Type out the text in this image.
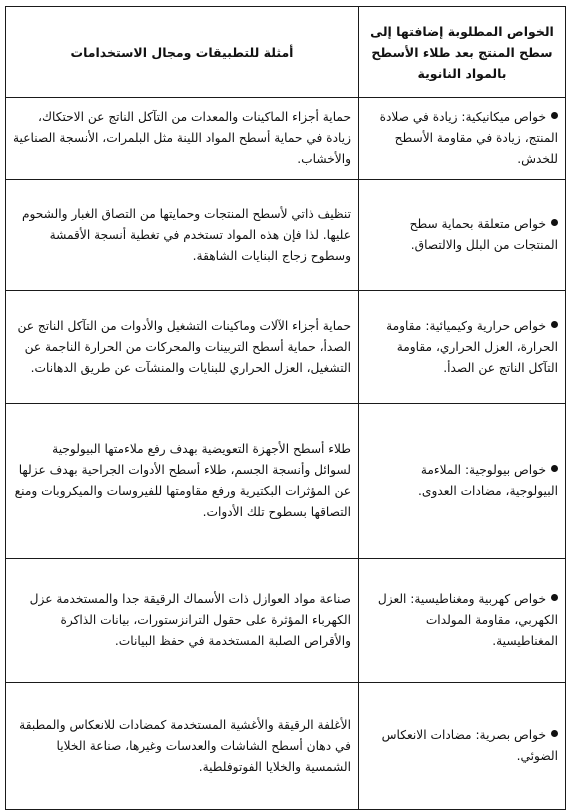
الخواص المطلوبة إضافتها إلى سطح المنتج بعد طلاء الأسطح بالمواد النانوية	أمثلة للتطبيقات ومجال الاستخدامات
خواص ميكانيكية: زيادة في صلادة المنتج، زيادة في مقاومة الأسطح للخدش.	حماية أجزاء الماكينات والمعدات من التآكل الناتج عن الاحتكاك، زيادة في حماية أسطح المواد اللينة مثل البلمرات، الأنسجة الصناعية والأخشاب.
خواص متعلقة بحماية سطح المنتجات من البلل والالتصاق.	تنظيف ذاتي لأسطح المنتجات وحمايتها من التصاق الغبار والشحوم عليها. لذا فإن هذه المواد تستخدم في تغطية أنسجة الأقمشة وسطوح زجاج البنايات الشاهقة.
خواص حرارية وكيميائية: مقاومة الحرارة، العزل الحراري، مقاومة التآكل الناتج عن الصدأ.	حماية أجزاء الآلات وماكينات التشغيل والأدوات من التآكل الناتج عن الصدأ، حماية أسطح التربينات والمحركات من الحرارة الناجمة عن التشغيل، العزل الحراري للبنايات والمنشآت عن طريق الدهانات.
خواص بيولوجية: الملاءمة البيولوجية، مضادات العدوى.	طلاء أسطح الأجهزة التعويضية بهدف رفع ملاءمتها البيولوجية لسوائل وأنسجة الجسم، طلاء أسطح الأدوات الجراحية بهدف عزلها عن المؤثرات البكتيرية ورفع مقاومتها للفيروسات والميكروبات ومنع التصاقها بسطوح تلك الأدوات.
خواص كهربية ومغناطيسية: العزل الكهربي، مقاومة المولدات المغناطيسية.	صناعة مواد العوازل ذات الأسماك الرقيقة جدا والمستخدمة عزل الكهرباء المؤثرة على حقول الترانزستورات، بيانات الذاكرة والأقراص الصلبة المستخدمة في حفظ البيانات.
خواص بصرية: مضادات الانعكاس الضوئي.	الأغلفة الرقيقة والأغشية المستخدمة كمضادات للانعكاس والمطبقة في دهان أسطح الشاشات والعدسات وغيرها، صناعة الخلايا الشمسية والخلايا الفوتوفلطية.
